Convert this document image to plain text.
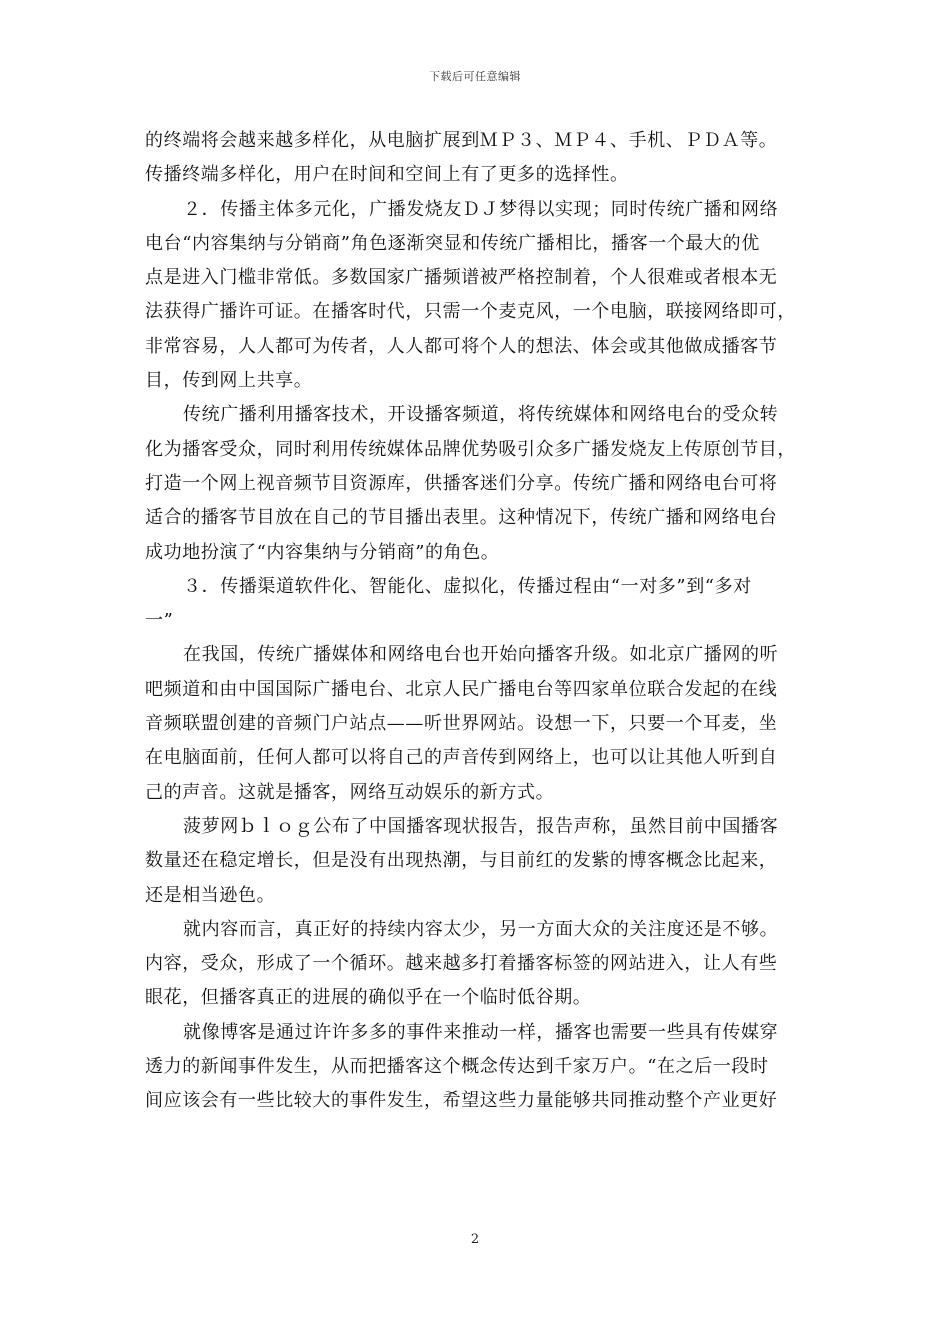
下载后可任意编辑
的终端将会越来越多样化，从电脑扩展到ＭＰ３、ＭＰ４、手机、ＰＤＡ等。
传播终端多样化，用户在时间和空间上有了更多的选择性。
２．传播主体多元化，广播发烧友ＤＪ梦得以实现；同时传统广播和网络
电台“内容集纳与分销商”角色逐渐突显和传统广播相比，播客一个最大的优
点是进入门槛非常低。多数国家广播频谱被严格控制着，个人很难或者根本无
法获得广播许可证。在播客时代，只需一个麦克风，一个电脑，联接网络即可，
非常容易，人人都可为传者，人人都可将个人的想法、体会或其他做成播客节
目，传到网上共享。
传统广播利用播客技术，开设播客频道，将传统媒体和网络电台的受众转
化为播客受众，同时利用传统媒体品牌优势吸引众多广播发烧友上传原创节目，
打造一个网上视音频节目资源库，供播客迷们分享。传统广播和网络电台可将
适合的播客节目放在自己的节目播出表里。这种情况下，传统广播和网络电台
成功地扮演了“内容集纳与分销商”的角色。
３．传播渠道软件化、智能化、虚拟化，传播过程由“一对多”到“多对
一”
在我国，传统广播媒体和网络电台也开始向播客升级。如北京广播网的听
吧频道和由中国国际广播电台、北京人民广播电台等四家单位联合发起的在线
音频联盟创建的音频门户站点——听世界网站。设想一下，只要一个耳麦，坐
在电脑面前，任何人都可以将自己的声音传到网络上，也可以让其他人听到自
己的声音。这就是播客，网络互动娱乐的新方式。
菠萝网ｂｌｏｇ公布了中国播客现状报告，报告声称，虽然目前中国播客
数量还在稳定增长，但是没有出现热潮，与目前红的发紫的博客概念比起来，
还是相当逊色。
就内容而言，真正好的持续内容太少，另一方面大众的关注度还是不够。
内容，受众，形成了一个循环。越来越多打着播客标签的网站进入，让人有些
眼花，但播客真正的进展的确似乎在一个临时低谷期。
就像博客是通过许许多多的事件来推动一样，播客也需要一些具有传媒穿
透力的新闻事件发生，从而把播客这个概念传达到千家万户。“在之后一段时
间应该会有一些比较大的事件发生，希望这些力量能够共同推动整个产业更好
2
